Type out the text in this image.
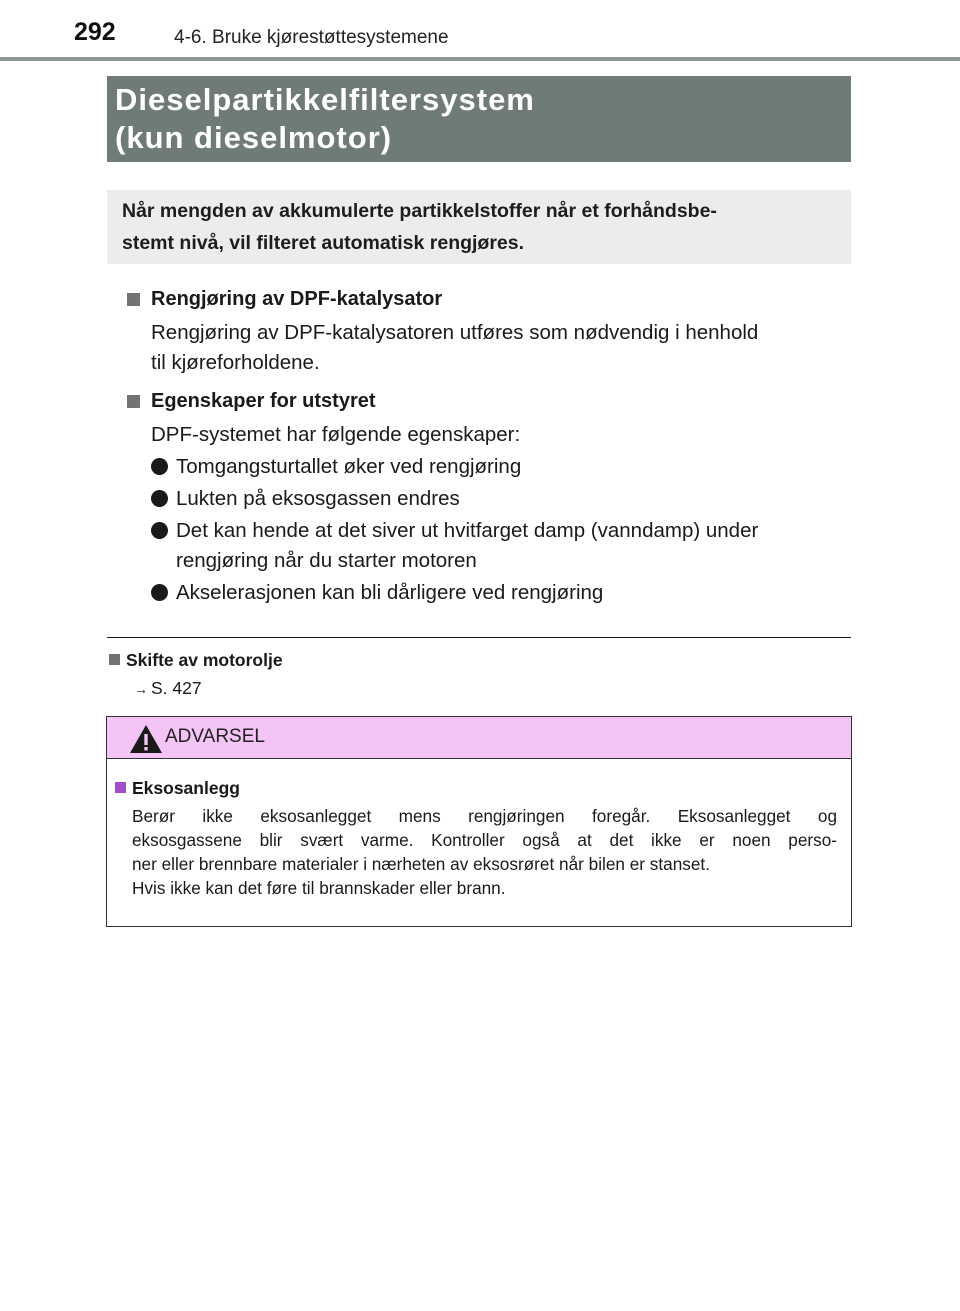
292	4-6. Bruke kjørestøttesystemene
Dieselpartikkelfiltersystem
(kun dieselmotor)
Når mengden av akkumulerte partikkelstoffer når et forhåndsbe-
stemt nivå, vil filteret automatisk rengjøres.
Rengjøring av DPF-katalysator
Rengjøring av DPF-katalysatoren utføres som nødvendig i henhold
til kjøreforholdene.
Egenskaper for utstyret
DPF-systemet har følgende egenskaper:
Tomgangsturtallet øker ved rengjøring
Lukten på eksosgassen endres
Det kan hende at det siver ut hvitfarget damp (vanndamp) under
rengjøring når du starter motoren
Akselerasjonen kan bli dårligere ved rengjøring
Skifte av motorolje
→ S. 427
ADVARSEL
Eksosanlegg
Berør ikke eksosanlegget mens rengjøringen foregår. Eksosanlegget og
eksosgassene blir svært varme. Kontroller også at det ikke er noen perso-
ner eller brennbare materialer i nærheten av eksosrøret når bilen er stanset.
Hvis ikke kan det føre til brannskader eller brann.
